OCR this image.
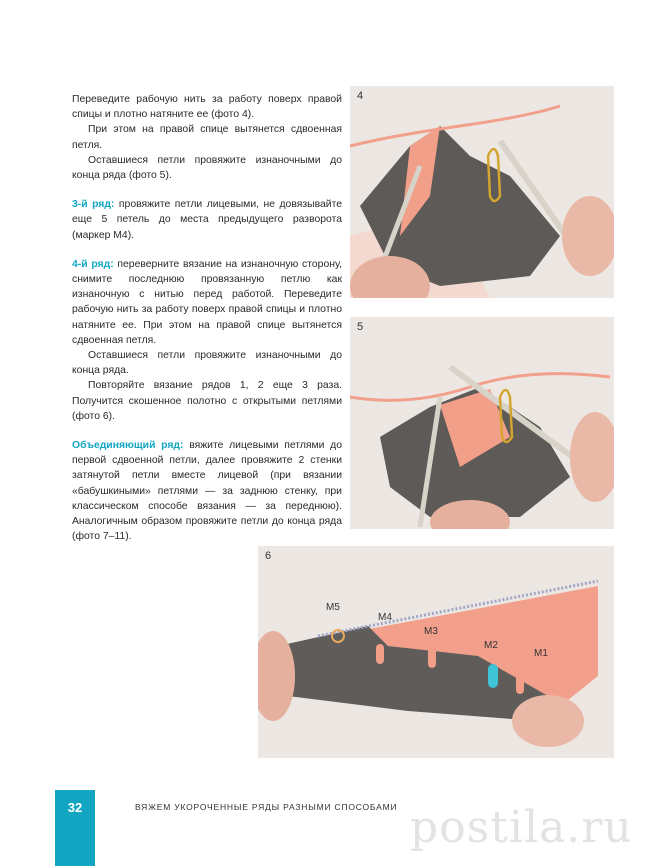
Переведите рабочую нить за работу поверх правой спицы и плотно натяните ее (фото 4).

При этом на правой спице вытянется сдвоенная петля.

Оставшиеся петли провяжите изнаночными до конца ряда (фото 5).

3-й ряд: провяжите петли лицевыми, не довязывайте еще 5 петель до места предыдущего разворота (маркер М4).

4-й ряд: переверните вязание на изнаночную сторону, снимите последнюю провязанную петлю как изнаночную с нитью перед работой. Переведите рабочую нить за работу поверх правой спицы и плотно натяните ее. При этом на правой спице вытянется сдвоенная петля.

Оставшиеся петли провяжите изнаночными до конца ряда.

Повторяйте вязание рядов 1, 2 еще 3 раза. Получится скошенное полотно с открытыми петлями (фото 6).

Объединяющий ряд: вяжите лицевыми петлями до первой сдвоенной петли, далее провяжите 2 стенки затянутой петли вместе лицевой (при вязании «бабушкиными» петлями — за заднюю стенку, при классическом способе вязания — за переднюю). Аналогичным образом провяжите петли до конца ряда (фото 7–11).

4
5
6
M5
M4
M3
M2
M1
32	ВЯЖЕМ УКОРОЧЕННЫЕ РЯДЫ РАЗНЫМИ СПОСОБАМИ postila.ru
